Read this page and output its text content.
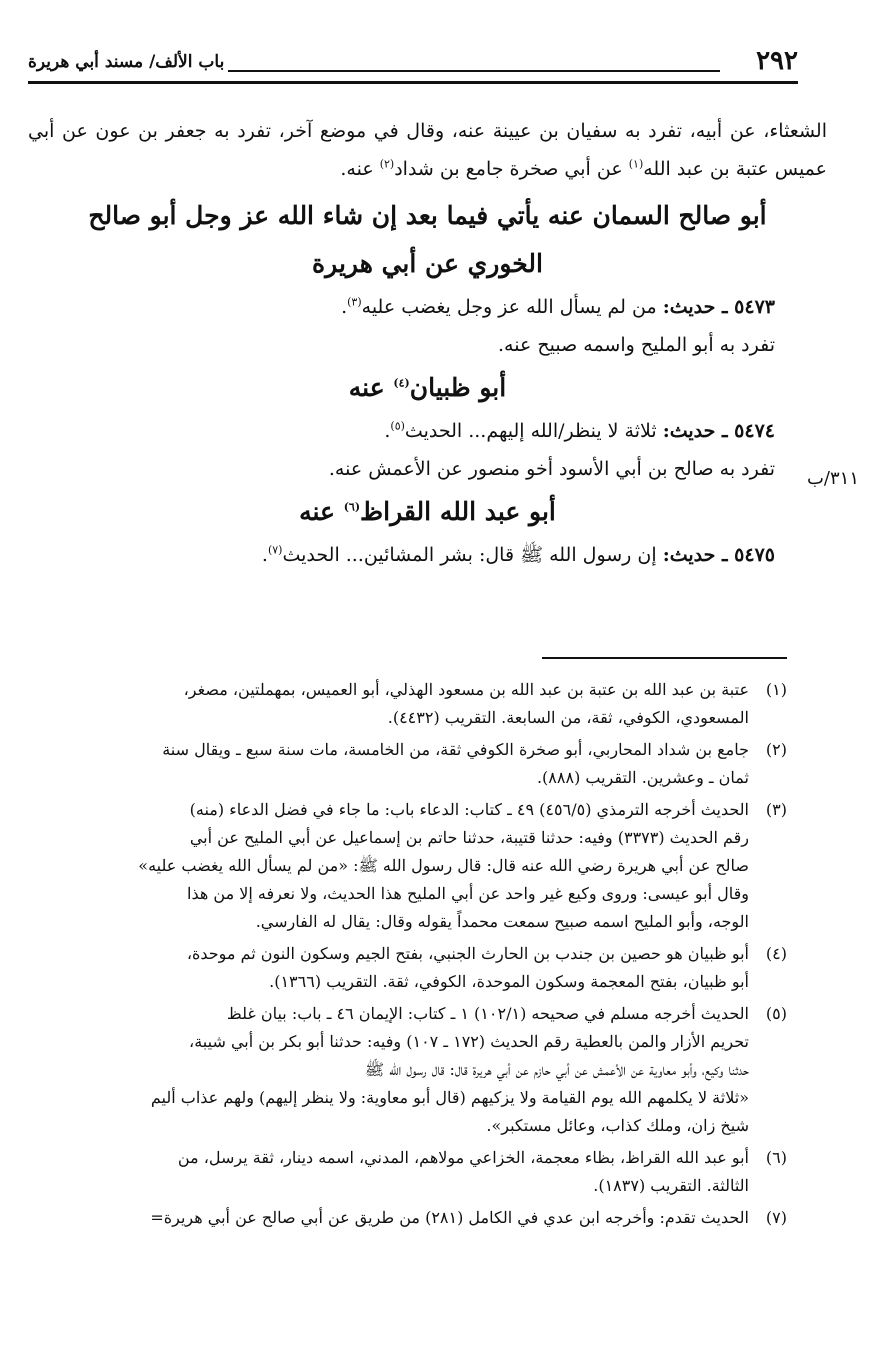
٢٩٢
باب الألف/ مسند أبي هريرة

الشعثاء، عن أبيه، تفرد به سفيان بن عيينة عنه، وقال في موضع آخر، تفرد به جعفر بن عون عن أبي عميس عتبة بن عبد الله$^{(١)}$ عن أبي صخرة جامع بن شداد$^{(٢)}$ عنه.

أبو صالح السمان عنه يأتي فيما بعد إن شاء الله عز وجل أبو صالح
الخوري عن أبي هريرة

٥٤٧٣ ـ حديث: من لم يسأل الله عز وجل يغضب عليه$^{(٣)}$.

تفرد به أبو المليح واسمه صبيح عنه.

أبو ظبيان$^{(٤)}$ عنه

٥٤٧٤ ـ حديث: ثلاثة لا ينظر/الله إليهم... الحديث$^{(٥)}$.

تفرد به صالح بن أبي الأسود أخو منصور عن الأعمش عنه.

أبو عبد الله القراظ$^{(٦)}$ عنه

٥٤٧٥ ـ حديث: إن رسول الله ﷺ قال: بشر المشائين... الحديث$^{(٧)}$.

٣١١/ب
(١)
عتبة بن عبد الله بن عتبة بن عبد الله بن مسعود الهذلي، أبو العميس، بمهملتين، مصغر،
المسعودي، الكوفي، ثقة، من السابعة. التقريب (٤٤٣٢).
(٢)
جامع بن شداد المحاربي، أبو صخرة الكوفي ثقة، من الخامسة، مات سنة سبع ـ ويقال سنة
ثمان ـ وعشرين. التقريب (٨٨٨).
(٣)
الحديث أخرجه الترمذي (٤٥٦/٥) ٤٩ ـ كتاب: الدعاء باب: ما جاء في فضل الدعاء (منه)
رقم الحديث (٣٣٧٣) وفيه: حدثنا قتيبة، حدثنا حاتم بن إسماعيل عن أبي المليح عن أبي
صالح عن أبي هريرة رضي الله عنه قال: قال رسول الله ﷺ: «من لم يسأل الله يغضب عليه»
وقال أبو عيسى: وروى وكيع غير واحد عن أبي المليح هذا الحديث، ولا نعرفه إلا من هذا
الوجه، وأبو المليح اسمه صبيح سمعت محمداً يقوله وقال: يقال له الفارسي.
(٤)
أبو ظبيان هو حصين بن جندب بن الحارث الجنبي، بفتح الجيم وسكون النون ثم موحدة،
أبو ظبيان، بفتح المعجمة وسكون الموحدة، الكوفي، ثقة. التقريب (١٣٦٦).
(٥)
الحديث أخرجه مسلم في صحيحه (١٠٢/١) ١ ـ كتاب: الإيمان ٤٦ ـ باب: بيان غلظ
تحريم الأزار والمن بالعطية رقم الحديث (١٧٢ ـ ١٠٧) وفيه: حدثنا أبو بكر بن أبي شيبة،
حدثنا وكيع، وأبو معاوية عن الأعمش عن أبي حازم عن أبي هريرة قال: قال رسول الله ﷺ
«ثلاثة لا يكلمهم الله يوم القيامة ولا يزكيهم (قال أبو معاوية: ولا ينظر إليهم) ولهم عذاب أليم
شيخ زان، وملك كذاب، وعائل مستكبر».
(٦)
أبو عبد الله القراظ، بظاء معجمة، الخزاعي مولاهم، المدني، اسمه دينار، ثقة يرسل، من
الثالثة. التقريب (١٨٣٧).
(٧)
الحديث تقدم: وأخرجه ابن عدي في الكامل (٢٨١) من طريق عن أبي صالح عن أبي هريرة=
